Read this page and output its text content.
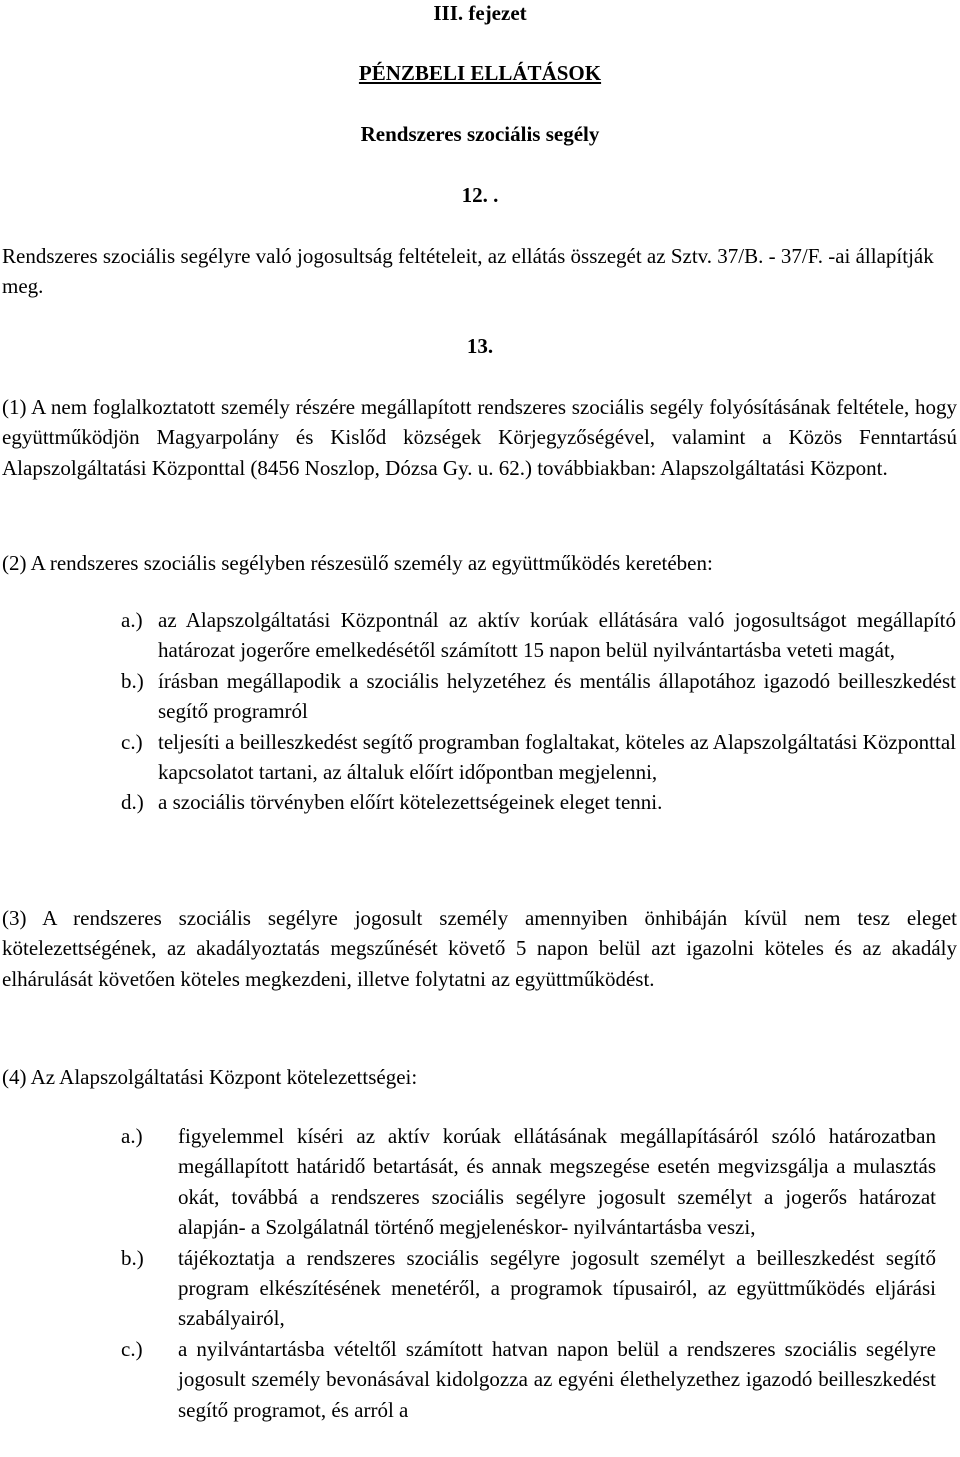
III. fejezet
PÉNZBELI ELLÁTÁSOK
Rendszeres szociális segély
12. .
Rendszeres szociális segélyre való jogosultság feltételeit, az ellátás összegét az Sztv. 37/B. - 37/F. -ai állapítják meg.
13.
(1) A nem foglalkoztatott személy részére megállapított rendszeres szociális segély folyósításának feltétele, hogy együttműködjön Magyarpolány és Kislőd községek Körjegyzőségével, valamint a Közös Fenntartású Alapszolgáltatási Központtal (8456 Noszlop, Dózsa Gy. u. 62.) továbbiakban: Alapszolgáltatási Központ.
(2) A rendszeres szociális segélyben részesülő személy az együttműködés keretében:
a.) az Alapszolgáltatási Központnál az aktív korúak ellátására való jogosultságot megállapító határozat jogerőre emelkedésétől számított 15 napon belül nyilvántartásba veteti magát,
b.) írásban megállapodik a szociális helyzetéhez és mentális állapotához igazodó beilleszkedést segítő programról
c.) teljesíti a beilleszkedést segítő programban foglaltakat, köteles az Alapszolgáltatási Központtal kapcsolatot tartani, az általuk előírt időpontban megjelenni,
d.) a szociális törvényben előírt kötelezettségeinek eleget tenni.
(3) A rendszeres szociális segélyre jogosult személy amennyiben önhibáján kívül nem tesz eleget kötelezettségének, az akadályoztatás megszűnését követő 5 napon belül azt igazolni köteles és az akadály elhárulását követően köteles megkezdeni, illetve folytatni az együttműködést.
(4) Az Alapszolgáltatási Központ kötelezettségei:
a.) figyelemmel kíséri az aktív korúak ellátásának megállapításáról szóló határozatban megállapított határidő betartását, és annak megszegése esetén megvizsgálja a mulasztás okát, továbbá a rendszeres szociális segélyre jogosult személyt a jogerős határozat alapján- a Szolgálatnál történő megjelenéskor- nyilvántartásba veszi,
b.) tájékoztatja a rendszeres szociális segélyre jogosult személyt a beilleszkedést segítő program elkészítésének menetéről, a programok típusairól, az együttműködés eljárási szabályairól,
c.) a nyilvántartásba vételtől számított hatvan napon belül a rendszeres szociális segélyre jogosult személy bevonásával kidolgozza az egyéni élethelyzethez igazodó beilleszkedést segítő programot, és arról a
